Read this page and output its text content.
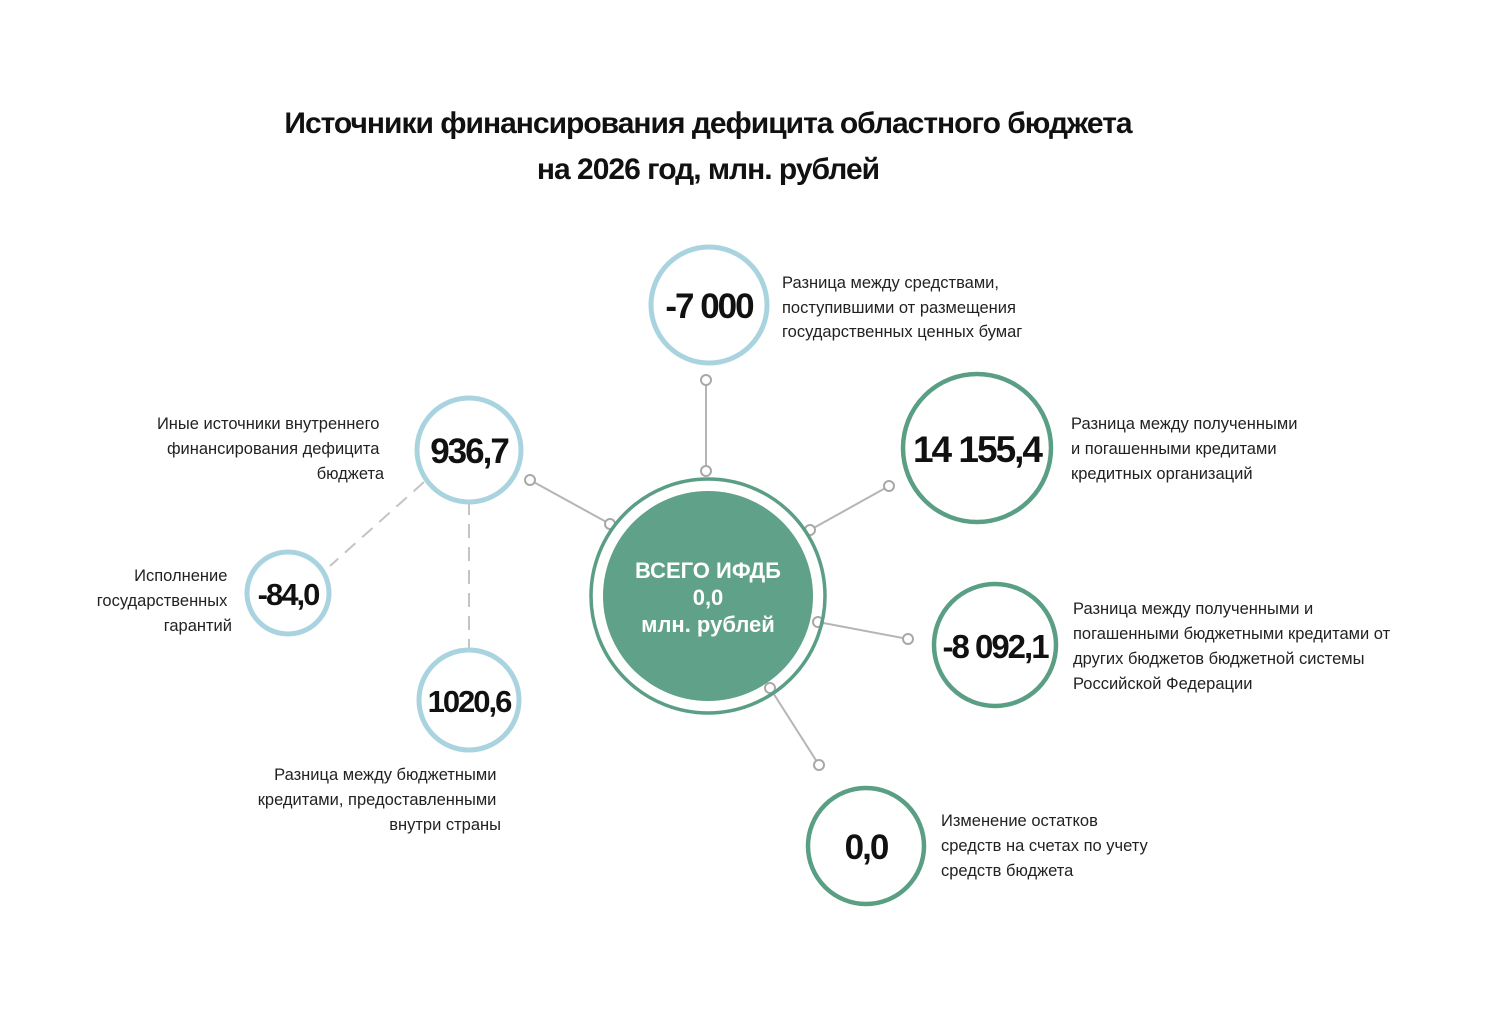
Источники финансирования дефицита областного бюджета
на 2026 год, млн. рублей
ВСЕГО ИФДБ
0,0
млн. рублей
-7 000
Разница между средствами, поступившими от размещения государственных ценных бумаг
14 155,4
Разница между полученными и погашенными кредитами кредитных организаций
-8 092,1
Разница между полученными и погашенными бюджетными кредитами от других бюджетов бюджетной системы Российской Федерации
0,0
Изменение остатков средств на счетах по учету средств бюджета
936,7
Иные источники внутреннего финансирования дефицита бюджета
-84,0
Исполнение государственных гарантий
1020,6
Разница между бюджетными кредитами, предоставленными внутри страны
